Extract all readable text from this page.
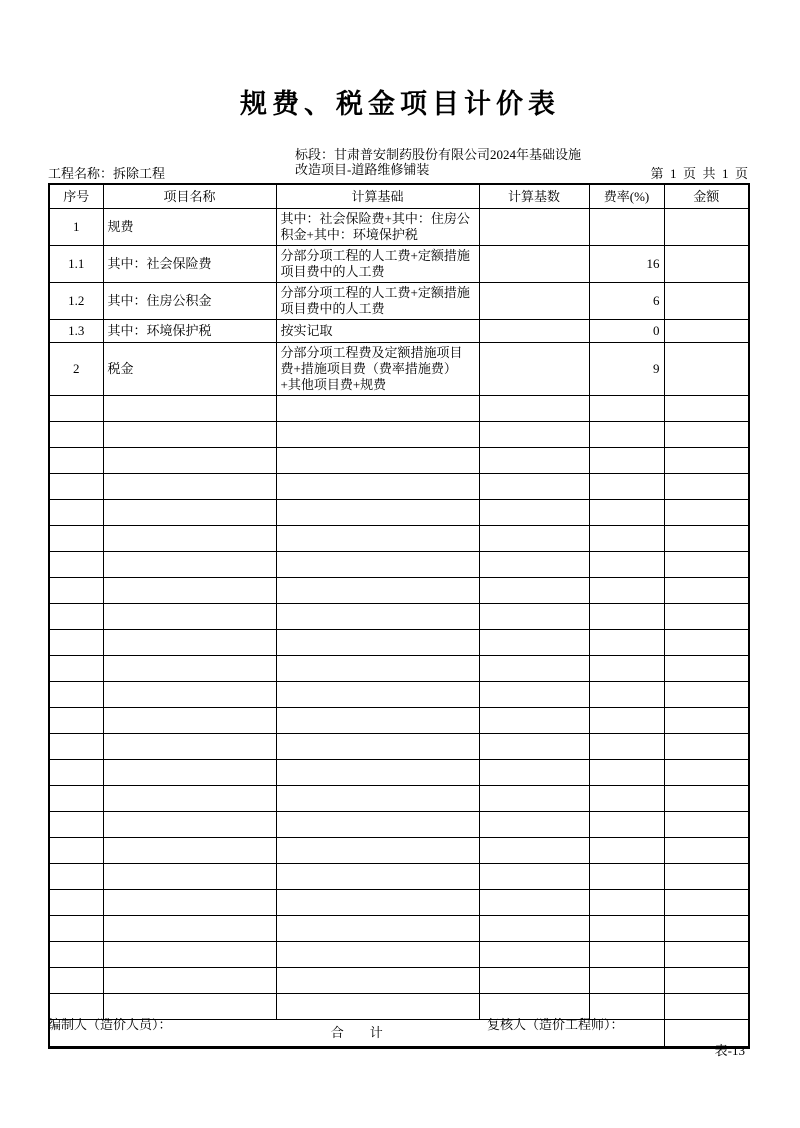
规费、税金项目计价表
工程名称：拆除工程
标段：甘肃普安制药股份有限公司2024年基础设施
改造项目-道路维修铺装	第  1  页  共  1  页
序号	项目名称	计算基础	计算基数	费率(%)	金额
1	规费	其中：社会保险费+其中：住房公积金+其中：环境保护税			
1.1	其中：社会保险费	分部分项工程的人工费+定额措施项目费中的人工费		16	
1.2	其中：住房公积金	分部分项工程的人工费+定额措施项目费中的人工费		6	
1.3	其中：环境保护税	按实记取		0	
2	税金	分部分项工程费及定额措施项目费+措施项目费（费率措施费）+其他项目费+规费		9	

合　　计					
编制人（造价人员）：	复核人（造价工程师）：
表-13
